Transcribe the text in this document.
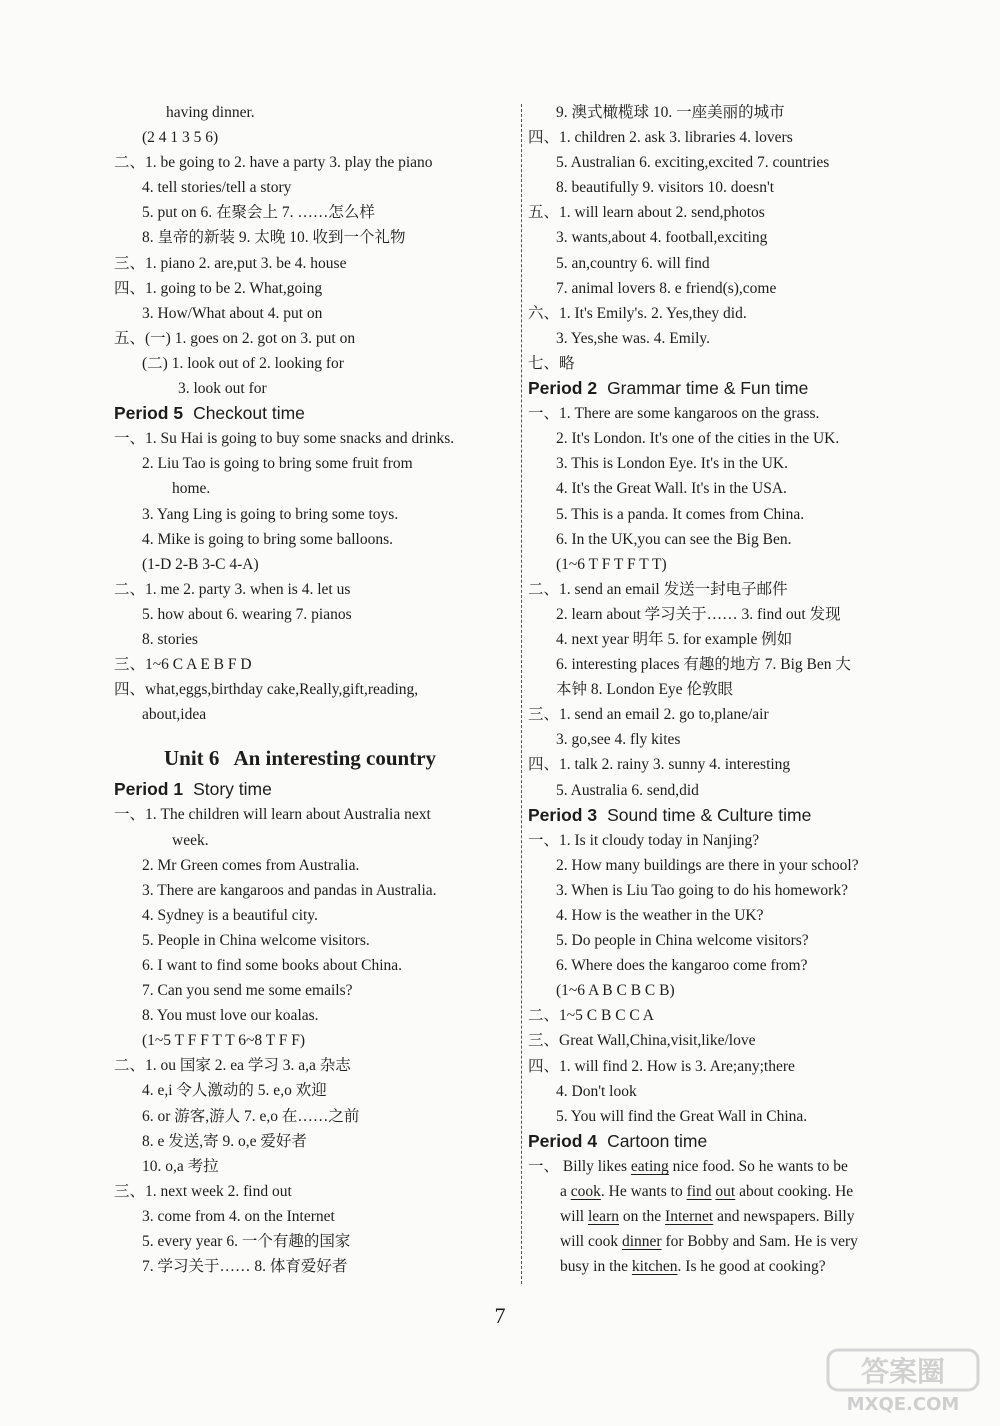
having dinner.
(2 4 1 3 5 6)
二、1. be going to 2. have a party 3. play the piano
4. tell stories/tell a story
5. put on 6. 在聚会上 7. ……怎么样
8. 皇帝的新装 9. 太晚 10. 收到一个礼物
三、1. piano 2. are,put 3. be 4. house
四、1. going to be 2. What,going
3. How/What about 4. put on
五、(一) 1. goes on 2. got on 3. put on
(二) 1. look out of 2. looking for
3. look out for
Period 5 Checkout time
一、1. Su Hai is going to buy some snacks and drinks.
2. Liu Tao is going to bring some fruit from
home.
3. Yang Ling is going to bring some toys.
4. Mike is going to bring some balloons.
(1-D 2-B 3-C 4-A)
二、1. me 2. party 3. when is 4. let us
5. how about 6. wearing 7. pianos
8. stories
三、1~6 C A E B F D
四、what,eggs,birthday cake,Really,gift,reading,
about,idea
Unit 6 An interesting country
Period 1 Story time
一、1. The children will learn about Australia next
week.
2. Mr Green comes from Australia.
3. There are kangaroos and pandas in Australia.
4. Sydney is a beautiful city.
5. People in China welcome visitors.
6. I want to find some books about China.
7. Can you send me some emails?
8. You must love our koalas.
(1~5 T F F T T 6~8 T F F)
二、1. ou 国家 2. ea 学习 3. a,a 杂志
4. e,i 令人激动的 5. e,o 欢迎
6. or 游客,游人 7. e,o 在……之前
8. e 发送,寄 9. o,e 爱好者
10. o,a 考拉
三、1. next week 2. find out
3. come from 4. on the Internet
5. every year 6. 一个有趣的国家
7. 学习关于…… 8. 体育爱好者
9. 澳式橄榄球 10. 一座美丽的城市
四、1. children 2. ask 3. libraries 4. lovers
5. Australian 6. exciting,excited 7. countries
8. beautifully 9. visitors 10. doesn't
五、1. will learn about 2. send,photos
3. wants,about 4. football,exciting
5. an,country 6. will find
7. animal lovers 8. e friend(s),come
六、1. It's Emily's. 2. Yes,they did.
3. Yes,she was. 4. Emily.
七、略
Period 2 Grammar time & Fun time
一、1. There are some kangaroos on the grass.
2. It's London. It's one of the cities in the UK.
3. This is London Eye. It's in the UK.
4. It's the Great Wall. It's in the USA.
5. This is a panda. It comes from China.
6. In the UK,you can see the Big Ben.
(1~6 T F T F T T)
二、1. send an email 发送一封电子邮件
2. learn about 学习关于…… 3. find out 发现
4. next year 明年 5. for example 例如
6. interesting places 有趣的地方 7. Big Ben 大
本钟 8. London Eye 伦敦眼
三、1. send an email 2. go to,plane/air
3. go,see 4. fly kites
四、1. talk 2. rainy 3. sunny 4. interesting
5. Australia 6. send,did
Period 3 Sound time & Culture time
一、1. Is it cloudy today in Nanjing?
2. How many buildings are there in your school?
3. When is Liu Tao going to do his homework?
4. How is the weather in the UK?
5. Do people in China welcome visitors?
6. Where does the kangaroo come from?
(1~6 A B C B C B)
二、1~5 C B C C A
三、Great Wall,China,visit,like/love
四、1. will find 2. How is 3. Are;any;there
4. Don't look
5. You will find the Great Wall in China.
Period 4 Cartoon time
一、 Billy likes eating nice food. So he wants to be
a cook. He wants to find out about cooking. He
will learn on the Internet and newspapers. Billy
will cook dinner for Bobby and Sam. He is very
busy in the kitchen. Is he good at cooking?
7
答案圈
MXQE.COM
